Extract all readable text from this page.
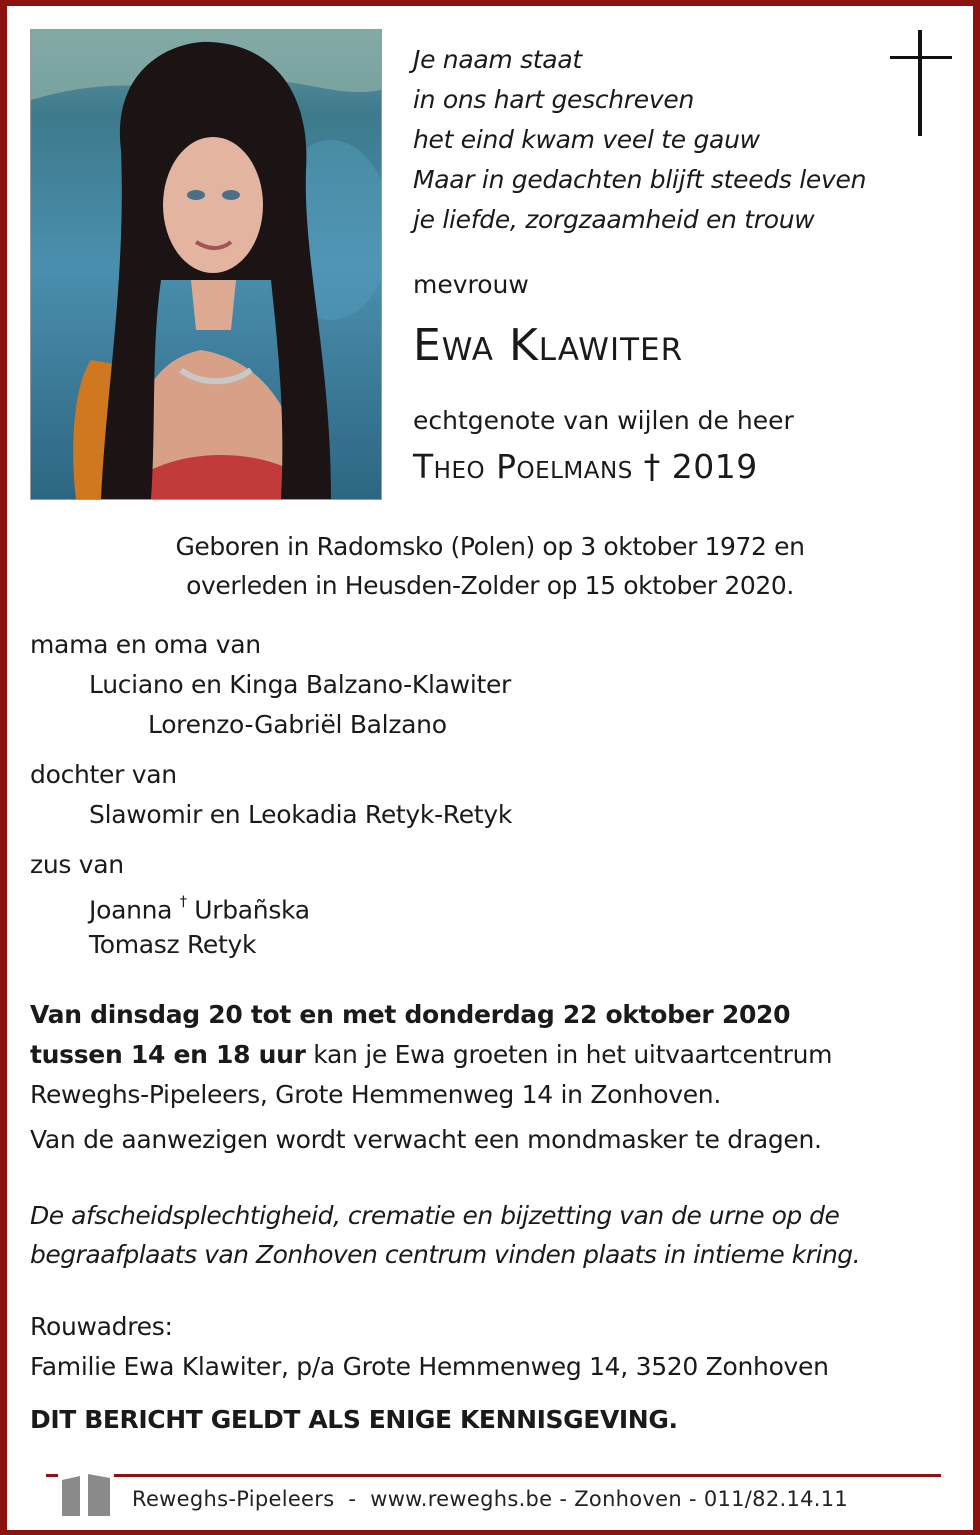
Je naam staat
in ons hart geschreven
het eind kwam veel te gauw
Maar in gedachten blijft steeds leven
je liefde, zorgzaamheid en trouw
mevrouw
Ewa Klawiter
echtgenote van wijlen de heer
Theo Poelmans † 2019
Geboren in Radomsko (Polen) op 3 oktober 1972 en
overleden in Heusden-Zolder op 15 oktober 2020.
mama en oma van
Luciano en Kinga Balzano-Klawiter
Lorenzo-Gabriël Balzano
dochter van
Slawomir en Leokadia Retyk-Retyk
zus van
Joanna † Urbañska
Tomasz Retyk
Van dinsdag 20 tot en met donderdag 22 oktober 2020
tussen 14 en 18 uur kan je Ewa groeten in het uitvaartcentrum
Reweghs-Pipeleers, Grote Hemmenweg 14 in Zonhoven.
Van de aanwezigen wordt verwacht een mondmasker te dragen.
De afscheidsplechtigheid, crematie en bijzetting van de urne op de
begraafplaats van Zonhoven centrum vinden plaats in intieme kring.
Rouwadres:
Familie Ewa Klawiter, p/a Grote Hemmenweg 14, 3520 Zonhoven
DIT BERICHT GELDT ALS ENIGE KENNISGEVING.
Reweghs-Pipeleers  -  www.reweghs.be - Zonhoven - 011/82.14.11
